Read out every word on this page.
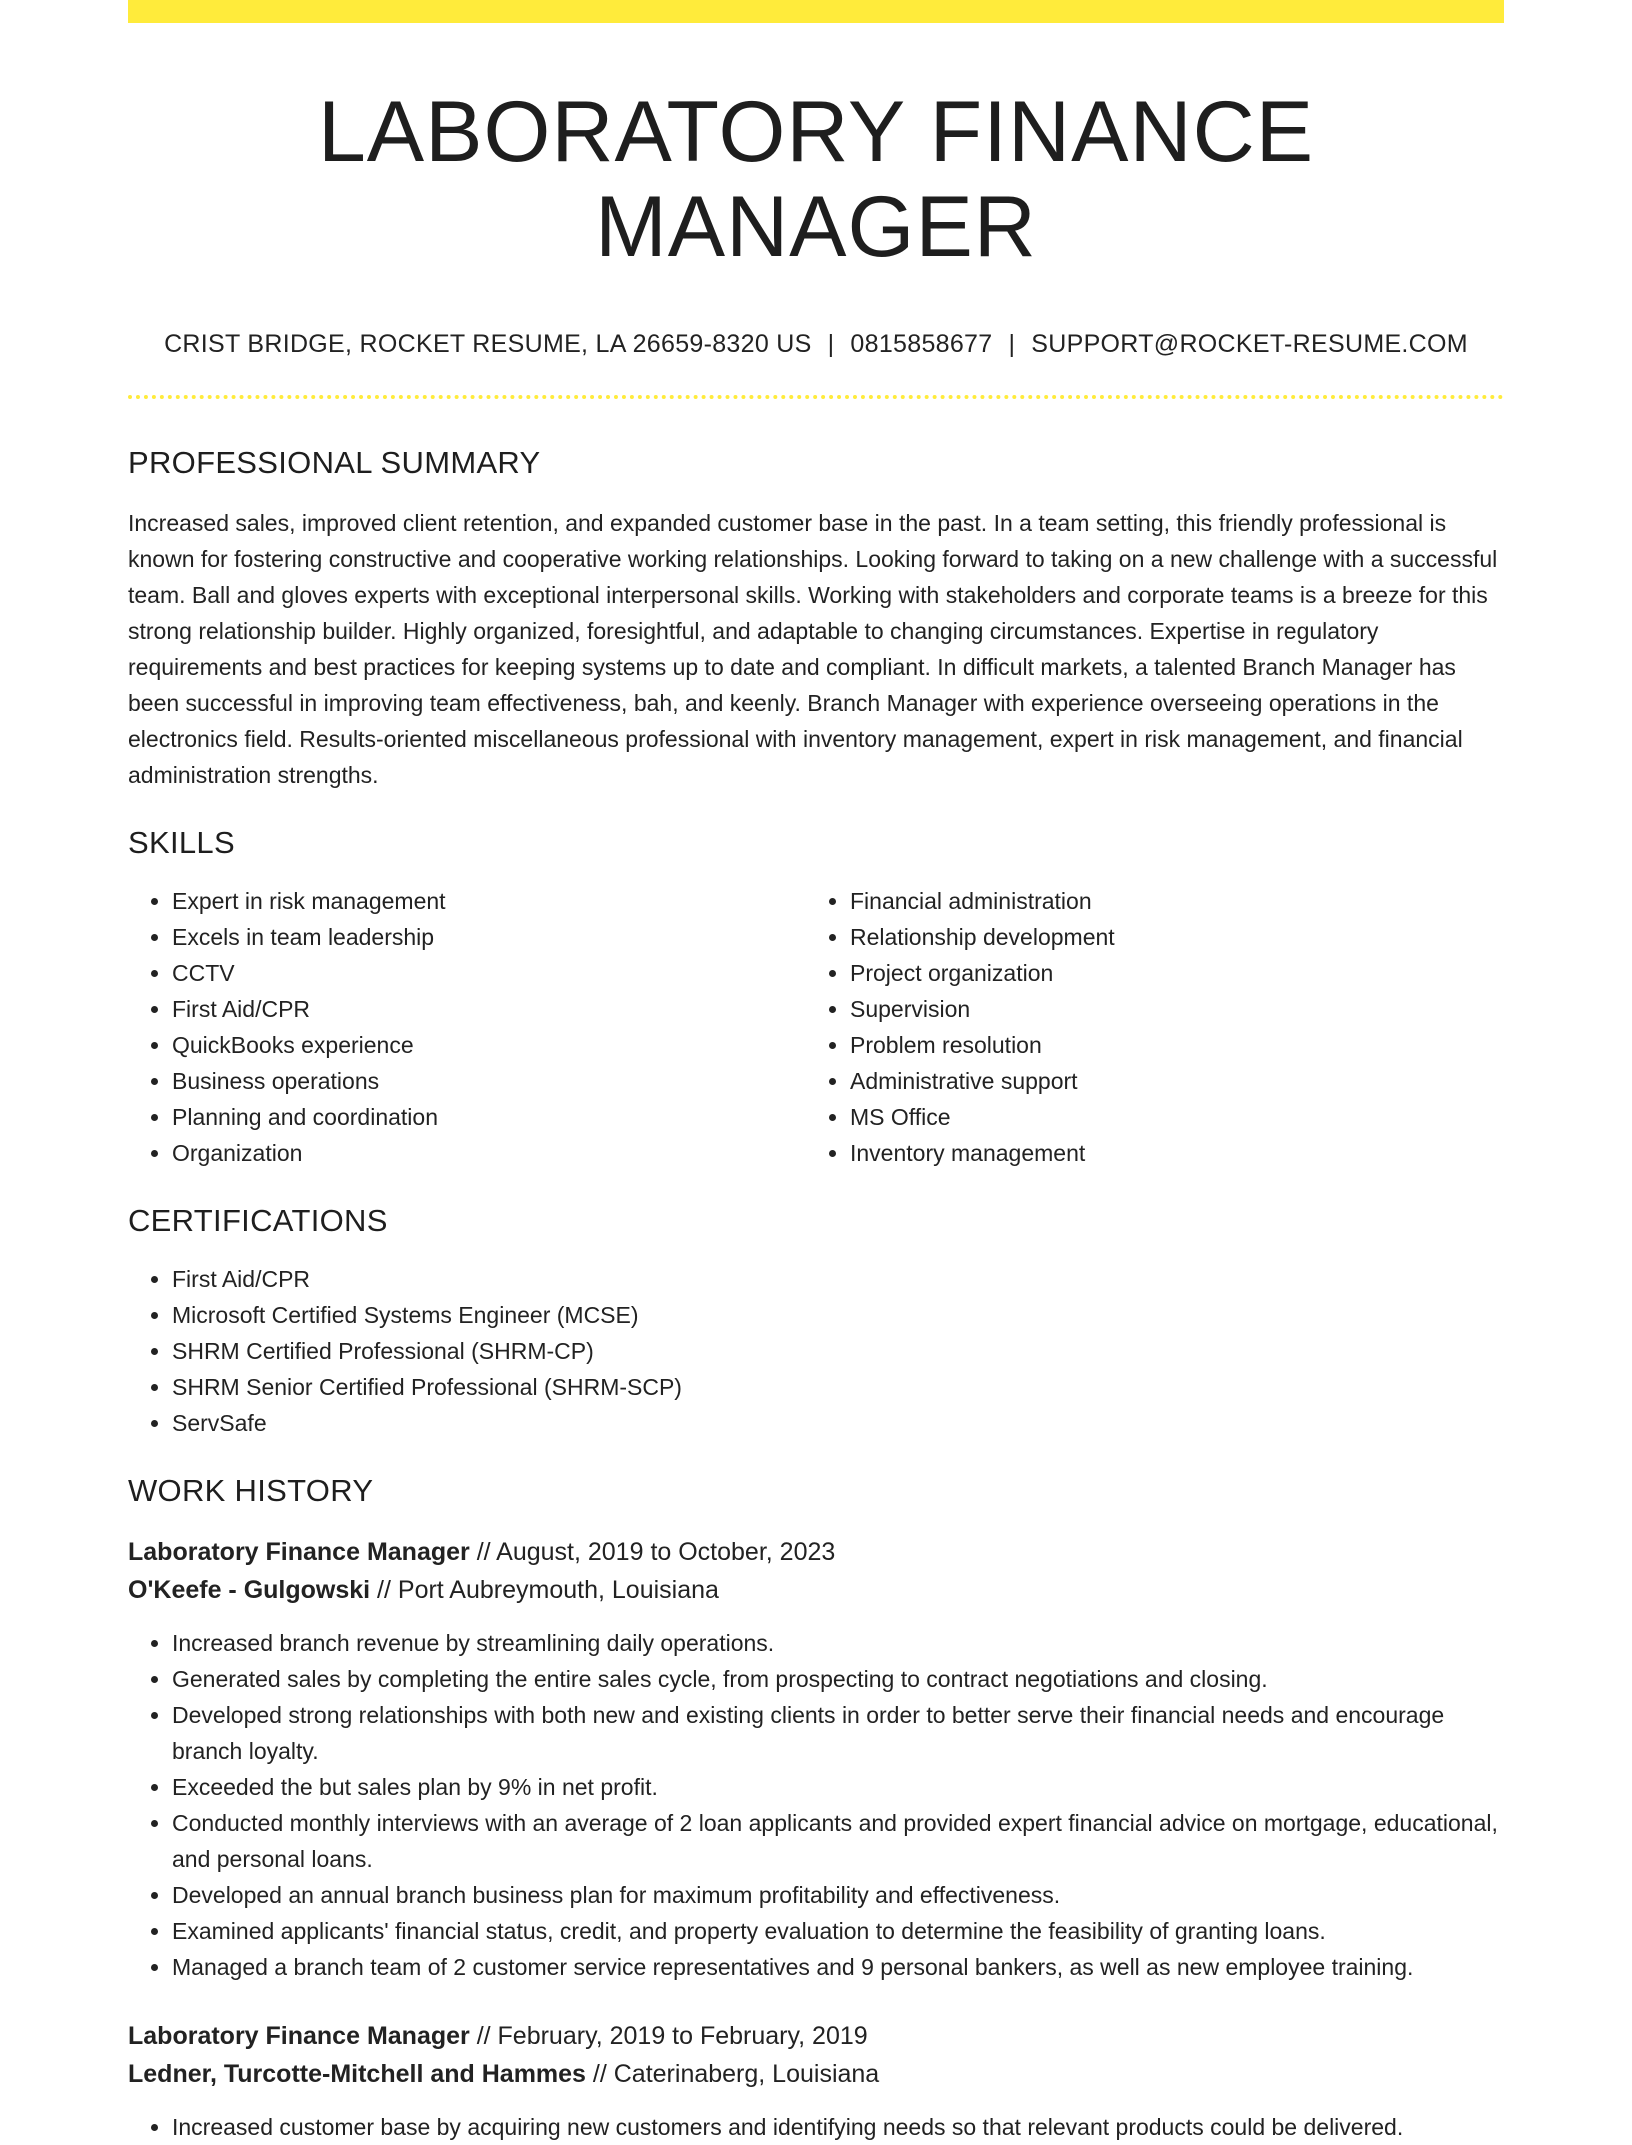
LABORATORY FINANCE MANAGER
CRIST BRIDGE, ROCKET RESUME, LA 26659-8320 US | 0815858677 | SUPPORT@ROCKET-RESUME.COM
PROFESSIONAL SUMMARY
Increased sales, improved client retention, and expanded customer base in the past. In a team setting, this friendly professional is known for fostering constructive and cooperative working relationships. Looking forward to taking on a new challenge with a successful team. Ball and gloves experts with exceptional interpersonal skills. Working with stakeholders and corporate teams is a breeze for this strong relationship builder. Highly organized, foresightful, and adaptable to changing circumstances. Expertise in regulatory requirements and best practices for keeping systems up to date and compliant. In difficult markets, a talented Branch Manager has been successful in improving team effectiveness, bah, and keenly. Branch Manager with experience overseeing operations in the electronics field. Results-oriented miscellaneous professional with inventory management, expert in risk management, and financial administration strengths.
SKILLS
• Expert in risk management
• Excels in team leadership
• CCTV
• First Aid/CPR
• QuickBooks experience
• Business operations
• Planning and coordination
• Organization
• Financial administration
• Relationship development
• Project organization
• Supervision
• Problem resolution
• Administrative support
• MS Office
• Inventory management
CERTIFICATIONS
• First Aid/CPR
• Microsoft Certified Systems Engineer (MCSE)
• SHRM Certified Professional (SHRM-CP)
• SHRM Senior Certified Professional (SHRM-SCP)
• ServSafe
WORK HISTORY
Laboratory Finance Manager // August, 2019 to October, 2023
O'Keefe - Gulgowski // Port Aubreymouth, Louisiana
• Increased branch revenue by streamlining daily operations.
• Generated sales by completing the entire sales cycle, from prospecting to contract negotiations and closing.
• Developed strong relationships with both new and existing clients in order to better serve their financial needs and encourage branch loyalty.
• Exceeded the but sales plan by 9% in net profit.
• Conducted monthly interviews with an average of 2 loan applicants and provided expert financial advice on mortgage, educational, and personal loans.
• Developed an annual branch business plan for maximum profitability and effectiveness.
• Examined applicants' financial status, credit, and property evaluation to determine the feasibility of granting loans.
• Managed a branch team of 2 customer service representatives and 9 personal bankers, as well as new employee training.
Laboratory Finance Manager // February, 2019 to February, 2019
Ledner, Turcotte-Mitchell and Hammes // Caterinaberg, Louisiana
• Increased customer base by acquiring new customers and identifying needs so that relevant products could be delivered.
